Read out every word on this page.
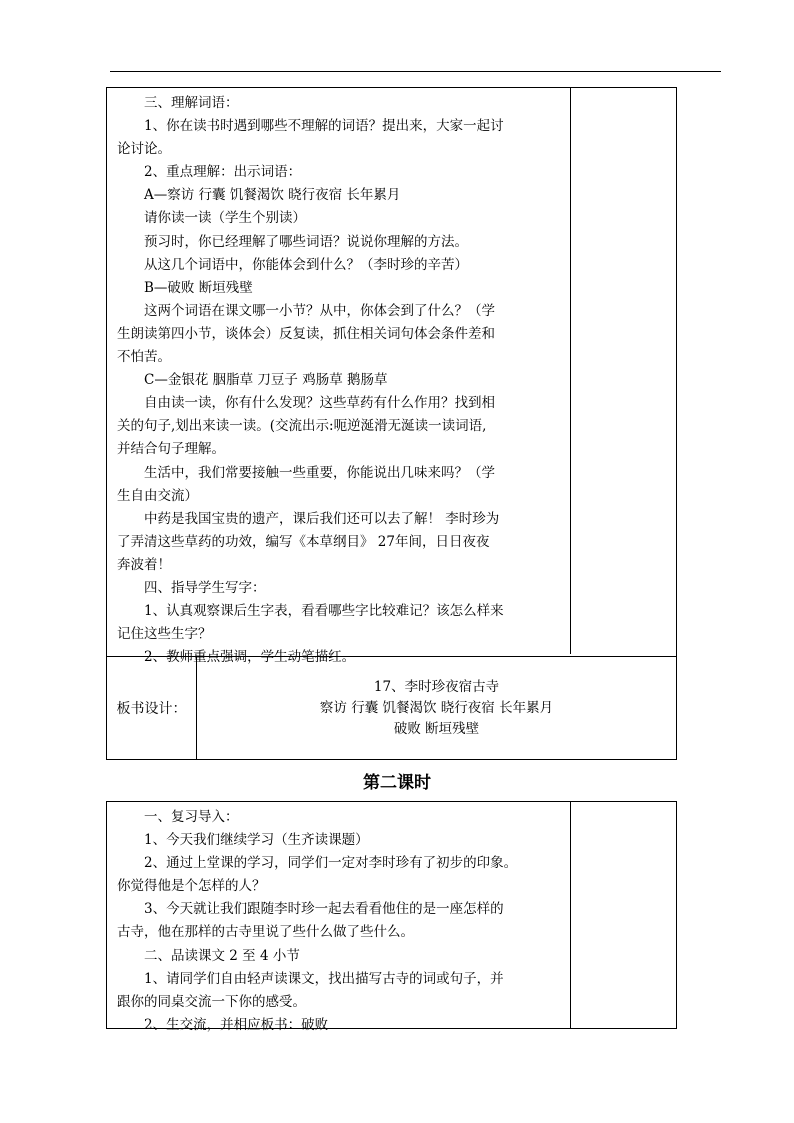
三、理解词语：
1、你在读书时遇到哪些不理解的词语？提出来，大家一起讨
论讨论。
2、重点理解：出示词语：
A—察访 行囊 饥餐渴饮 晓行夜宿 长年累月
请你读一读（学生个别读）
预习时，你已经理解了哪些词语？说说你理解的方法。
从这几个词语中，你能体会到什么？（李时珍的辛苦）
B—破败 断垣残壁
这两个词语在课文哪一小节？从中，你体会到了什么？（学
生朗读第四小节，谈体会）反复读，抓住相关词句体会条件差和
不怕苦。
C—金银花 胭脂草 刀豆子 鸡肠草 鹅肠草
自由读一读，你有什么发现？这些草药有什么作用？找到相
关的句子,划出来读一读。(交流出示:呃逆涎滑无涎读一读词语,
并结合句子理解。
生活中，我们常要接触一些重要，你能说出几味来吗？（学
生自由交流）
中药是我国宝贵的遗产，课后我们还可以去了解！ 李时珍为
了弄清这些草药的功效，编写《本草纲目》 27年间，日日夜夜
奔波着！
四、指导学生写字：
1、认真观察课后生字表，看看哪些字比较难记？该怎么样来
记住这些生字？
2、教师重点强调，学生动笔描红。
板书设计：
17、李时珍夜宿古寺
察访 行囊 饥餐渴饮 晓行夜宿 长年累月
破败 断垣残壁
第二课时
一、复习导入：
1、今天我们继续学习（生齐读课题）
2、通过上堂课的学习，同学们一定对李时珍有了初步的印象。
你觉得他是个怎样的人？
3、今天就让我们跟随李时珍一起去看看他住的是一座怎样的
古寺，他在那样的古寺里说了些什么做了些什么。
二、品读课文 2 至 4 小节
1、请同学们自由轻声读课文，找出描写古寺的词或句子，并
跟你的同桌交流一下你的感受。
2、生交流，并相应板书：破败
